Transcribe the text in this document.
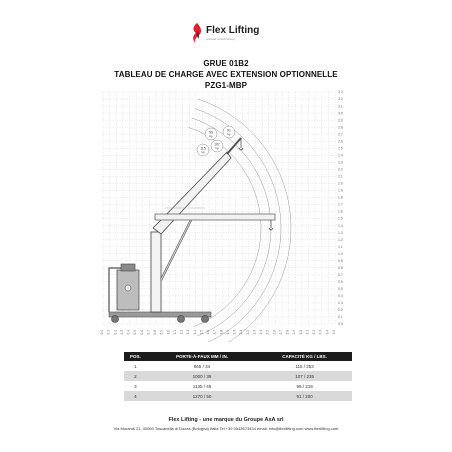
Flex Lifting
a brand of AxA Group
GRUE 01B2
TABLEAU DE CHARGE AVEC EXTENSION OPTIONNELLE
PZG1-MBP
91
kg
99
kg
107
kg
115
kg
0.0 0.1 0.2 0.3 0.4 0.5 0.6 0.7 0.8 0.9 1.0 1.1 1.2 1.3 1.4 1.5 1.6 1.7 1.8 1.9 2.0 2.1 2.2 2.3 2.4 2.5 2.6 2.7 2.8 2.9 3.0 3.1 3.2 3.3 3.4 3.5
0.0
0.1
0.2
0.3
0.4
0.5
0.6
0.7
0.8
0.9
1.0
1.1
1.2
1.3
1.4
1.5
1.6
1.7
1.8
1.9
2.0
2.1
2.2
2.3
2.4
2.5
2.6
2.7
2.8
2.9
3.0
3.1
3.2
3.3
POS.	PORTE-À-FAUX MM / IN.	CAPACITÉ KG / LBS.
1	865 / 34	115 / 253
2	1000 / 39	107 / 235
3	1135 / 45	99 / 218
4	1270 / 50	91 / 200
Flex Lifting - une marque du Groupe AxA srl
Via Morandi 21, 40060 Toscanella di Dozza (Bologna) Italia Tel +39 0542673434 email: info@flexlifting.com www.flexlifting.com
